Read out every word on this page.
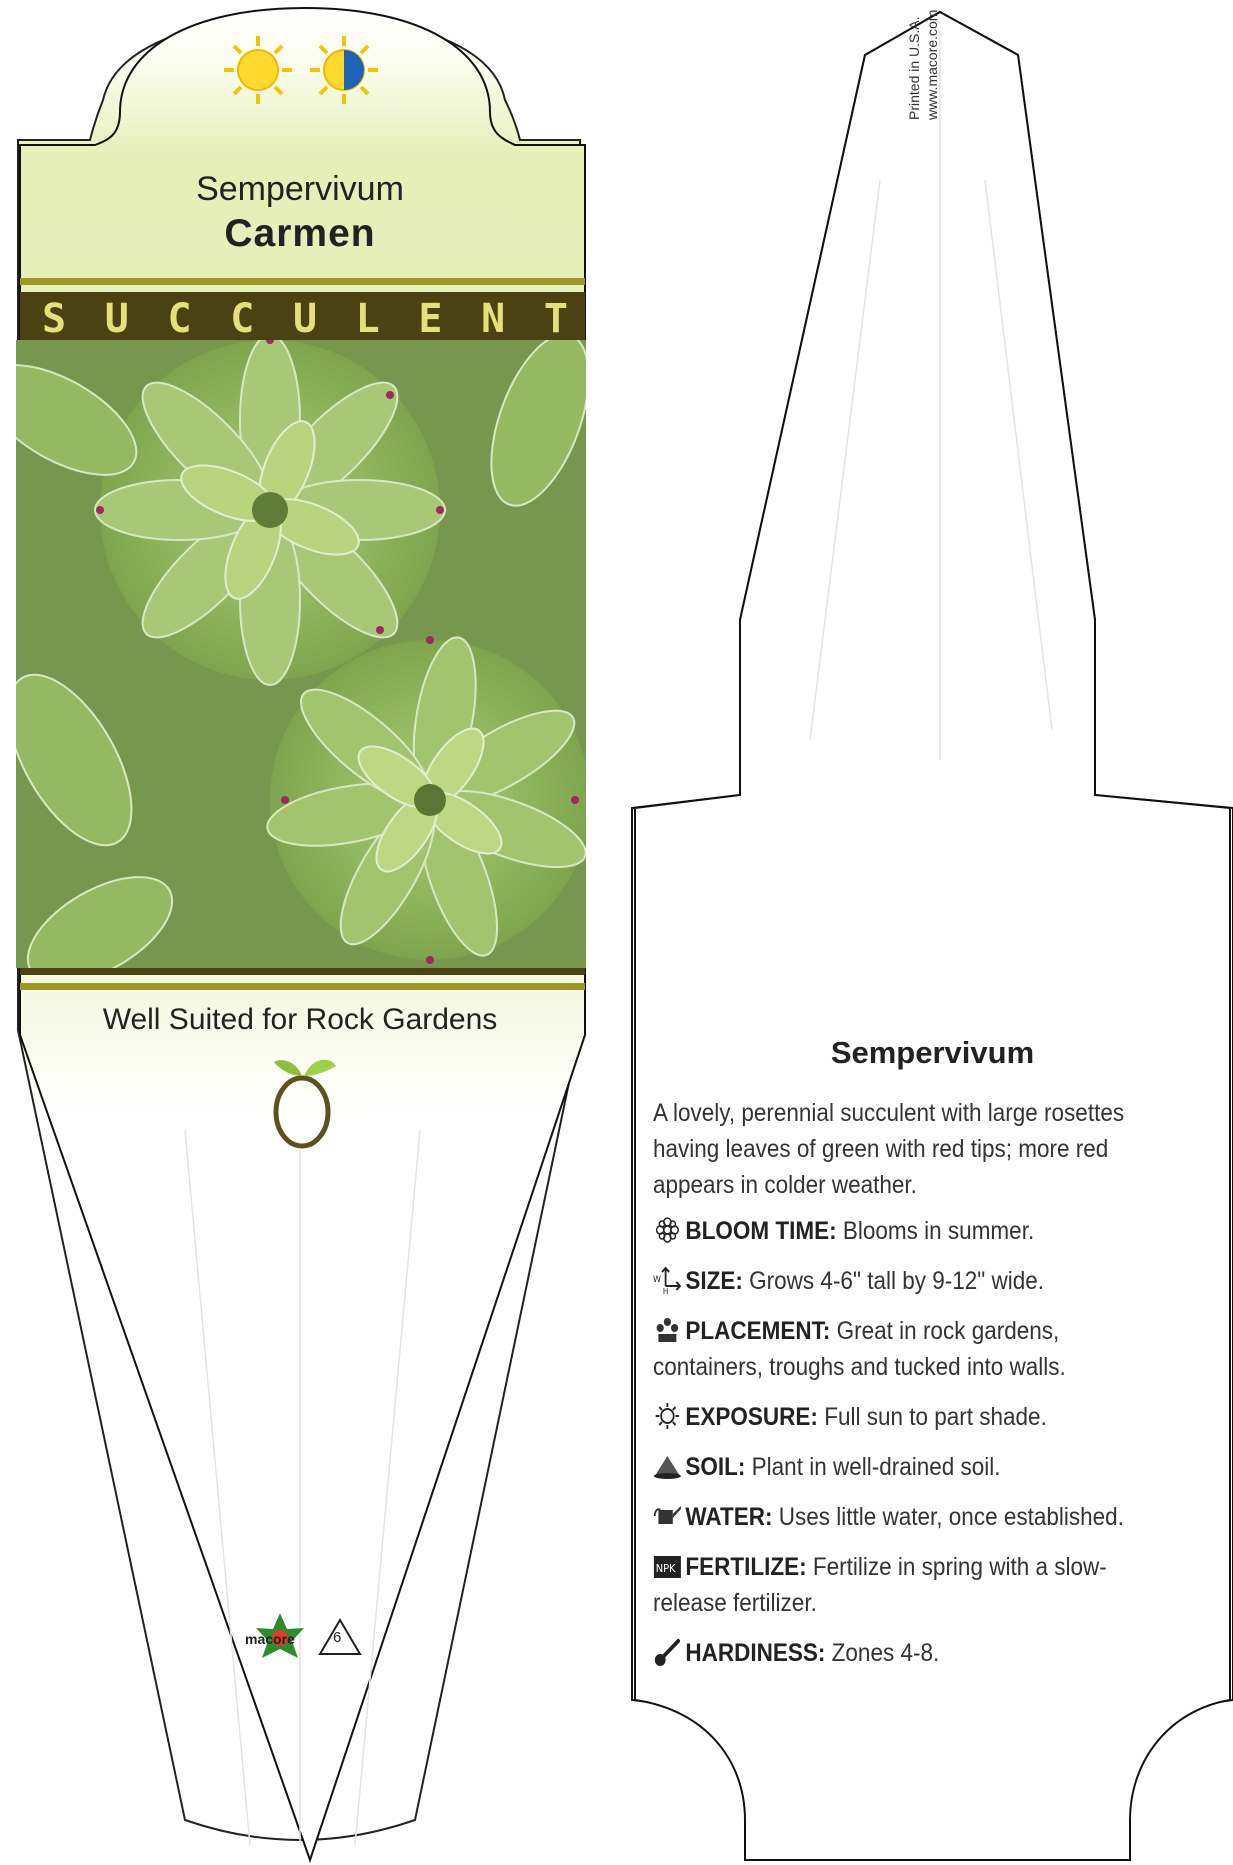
Sempervivum
Carmen
S U C C U L E N T
Well Suited for Rock Gardens
macore	6
Printed in U.S.A. www.macore.com
Sempervivum

A lovely, perennial succulent with large rosettes having leaves of green with red tips; more red appears in colder weather.

BLOOM TIME: Blooms in summer.
W
H SIZE: Grows 4-6" tall by 9-12" wide.
PLACEMENT: Great in rock gardens, containers, troughs and tucked into walls.
EXPOSURE: Full sun to part shade.
SOIL: Plant in well-drained soil.
WATER: Uses little water, once established.
NPK FERTILIZE: Fertilize in spring with a slow-release fertilizer.
HARDINESS: Zones 4-8.
